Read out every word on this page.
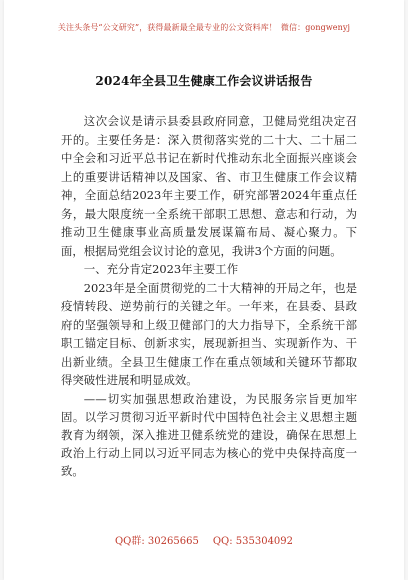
关注头条号“公文研究”，获得最新最全最专业的公文资料库！ 微信：gongwenyj
2024年全县卫生健康工作会议讲话报告

这次会议是请示县委县政府同意，卫健局党组决定召开的。主要任务是：深入贯彻落实党的二十大、二十届二中全会和习近平总书记在新时代推动东北全面振兴座谈会上的重要讲话精神以及国家、省、市卫生健康工作会议精神，全面总结2023年主要工作，研究部署2024年重点任务，最大限度统一全系统干部职工思想、意志和行动，为推动卫生健康事业高质量发展谋篇布局、凝心聚力。下面，根据局党组会议讨论的意见，我讲3个方面的问题。

一、充分肯定2023年主要工作

2023年是全面贯彻党的二十大精神的开局之年，也是疫情转段、逆势前行的关键之年。一年来，在县委、县政府的坚强领导和上级卫健部门的大力指导下，全系统干部职工锚定目标、创新求实，展现新担当、实现新作为、干出新业绩。全县卫生健康工作在重点领域和关键环节都取得突破性进展和明显成效。

——切实加强思想政治建设，为民服务宗旨更加牢固。以学习贯彻习近平新时代中国特色社会主义思想主题教育为纲领，深入推进卫健系统党的建设，确保在思想上政治上行动上同以习近平同志为核心的党中央保持高度一致。

QQ群: 30265665 QQ: 535304092
